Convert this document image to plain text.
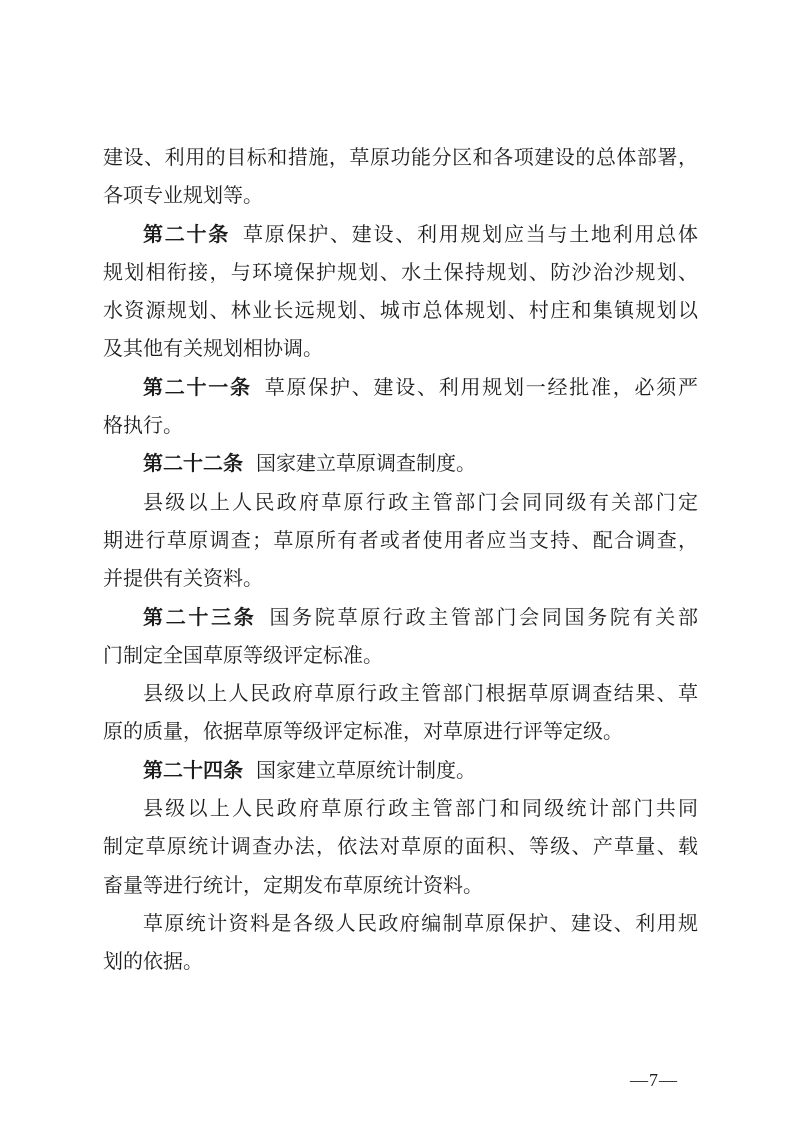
建设、利用的目标和措施，草原功能分区和各项建设的总体部署，
各项专业规划等。
第二十条 草原保护、建设、利用规划应当与土地利用总体
规划相衔接，与环境保护规划、水土保持规划、防沙治沙规划、
水资源规划、林业长远规划、城市总体规划、村庄和集镇规划以
及其他有关规划相协调。
第二十一条 草原保护、建设、利用规划一经批准，必须严
格执行。
第二十二条 国家建立草原调查制度。
县级以上人民政府草原行政主管部门会同同级有关部门定
期进行草原调查；草原所有者或者使用者应当支持、配合调查，
并提供有关资料。
第二十三条 国务院草原行政主管部门会同国务院有关部
门制定全国草原等级评定标准。
县级以上人民政府草原行政主管部门根据草原调查结果、草
原的质量，依据草原等级评定标准，对草原进行评等定级。
第二十四条 国家建立草原统计制度。
县级以上人民政府草原行政主管部门和同级统计部门共同
制定草原统计调查办法，依法对草原的面积、等级、产草量、载
畜量等进行统计，定期发布草原统计资料。
草原统计资料是各级人民政府编制草原保护、建设、利用规
划的依据。
—7—
